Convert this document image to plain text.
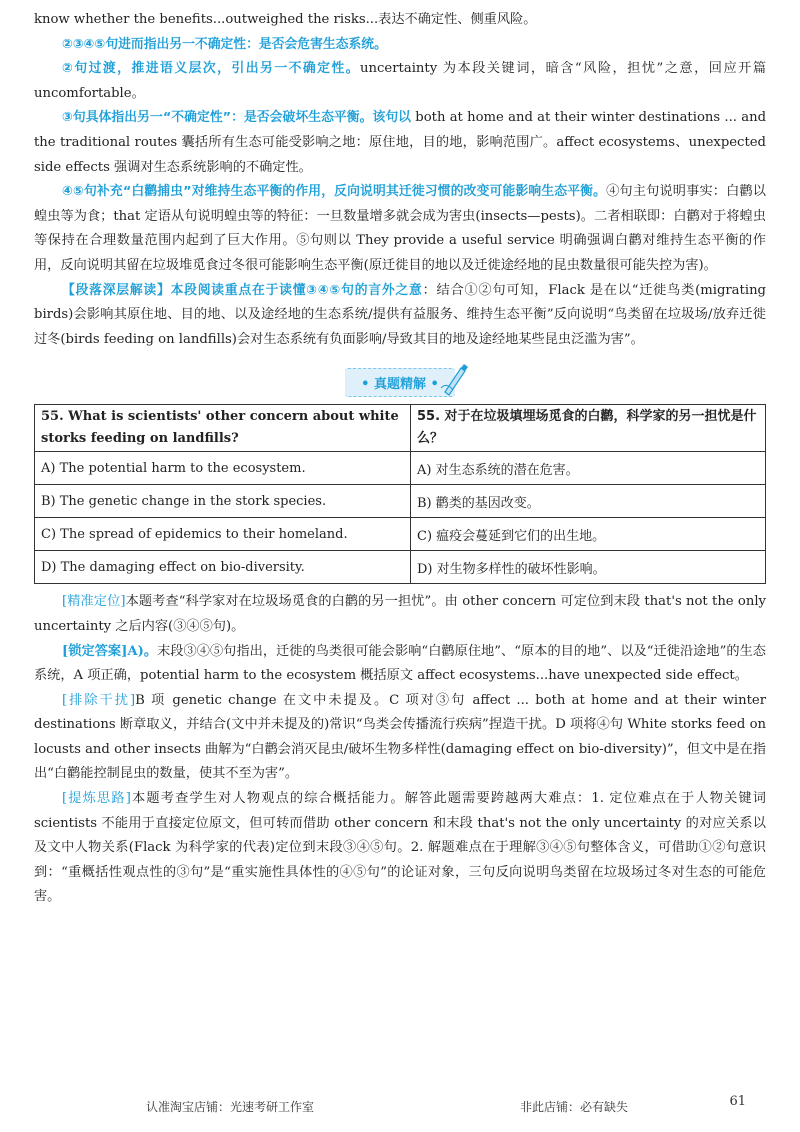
know whether the benefits...outweighed the risks...表达不确定性、侧重风险。

②③④⑤句进而指出另一不确定性：是否会危害生态系统。

②句过渡，推进语义层次，引出另一不确定性。uncertainty 为本段关键词，暗含“风险，担忧”之意，回应开篇 uncomfortable。

③句具体指出另一“不确定性”：是否会破坏生态平衡。该句以 both at home and at their winter destinations ... and the traditional routes 囊括所有生态可能受影响之地：原住地，目的地，影响范围广。affect ecosystems、unexpected side effects 强调对生态系统影响的不确定性。

④⑤句补充“白鹳捕虫”对维持生态平衡的作用，反向说明其迁徙习惯的改变可能影响生态平衡。④句主句说明事实：白鹳以蝗虫等为食；that 定语从句说明蝗虫等的特征：一旦数量增多就会成为害虫(insects—pests)。二者相联即：白鹳对于将蝗虫等保持在合理数量范围内起到了巨大作用。⑤句则以 They provide a useful service 明确强调白鹳对维持生态平衡的作用，反向说明其留在垃圾堆觅食过冬很可能影响生态平衡(原迁徙目的地以及迁徙途经地的昆虫数量很可能失控为害)。

【段落深层解读】本段阅读重点在于读懂③④⑤句的言外之意：结合①②句可知，Flack 是在以“迁徙鸟类(migrating birds)会影响其原住地、目的地、以及途经地的生态系统/提供有益服务、维持生态平衡”反向说明“鸟类留在垃圾场/放弃迁徙过冬(birds feeding on landfills)会对生态系统有负面影响/导致其目的地及途经地某些昆虫泛滥为害”。

• 真题精解 •
55. What is scientists' other concern about white storks feeding on landfills?	55. 对于在垃圾填埋场觅食的白鹳，科学家的另一担忧是什么？
A) The potential harm to the ecosystem.	A) 对生态系统的潜在危害。
B) The genetic change in the stork species.	B) 鹳类的基因改变。
C) The spread of epidemics to their homeland.	C) 瘟疫会蔓延到它们的出生地。
D) The damaging effect on bio-diversity.	D) 对生物多样性的破坏性影响。

[精准定位]本题考查“科学家对在垃圾场觅食的白鹳的另一担忧”。由 other concern 可定位到末段 that's not the only uncertainty 之后内容(③④⑤句)。

[锁定答案]A)。末段③④⑤句指出，迁徙的鸟类很可能会影响“白鹳原住地”、“原本的目的地”、以及“迁徙沿途地”的生态系统，A 项正确，potential harm to the ecosystem 概括原文 affect ecosystems...have unexpected side effect。

[排除干扰]B 项 genetic change 在文中未提及。C 项对③句 affect ... both at home and at their winter destinations 断章取义，并结合(文中并未提及的)常识“鸟类会传播流行疾病”捏造干扰。D 项将④句 White storks feed on locusts and other insects 曲解为“白鹳会消灭昆虫/破坏生物多样性(damaging effect on bio-diversity)”，但文中是在指出“白鹳能控制昆虫的数量，使其不至为害”。

[提炼思路]本题考查学生对人物观点的综合概括能力。解答此题需要跨越两大难点：1. 定位难点在于人物关键词 scientists 不能用于直接定位原文，但可转而借助 other concern 和末段 that's not the only uncertainty 的对应关系以及文中人物关系(Flack 为科学家的代表)定位到末段③④⑤句。2. 解题难点在于理解③④⑤句整体含义，可借助①②句意识到：“重概括性观点性的③句”是“重实施性具体性的④⑤句”的论证对象，三句反向说明鸟类留在垃圾场过冬对生态的可能危害。

认准淘宝店铺：光速考研工作室	非此店铺：必有缺失	61
